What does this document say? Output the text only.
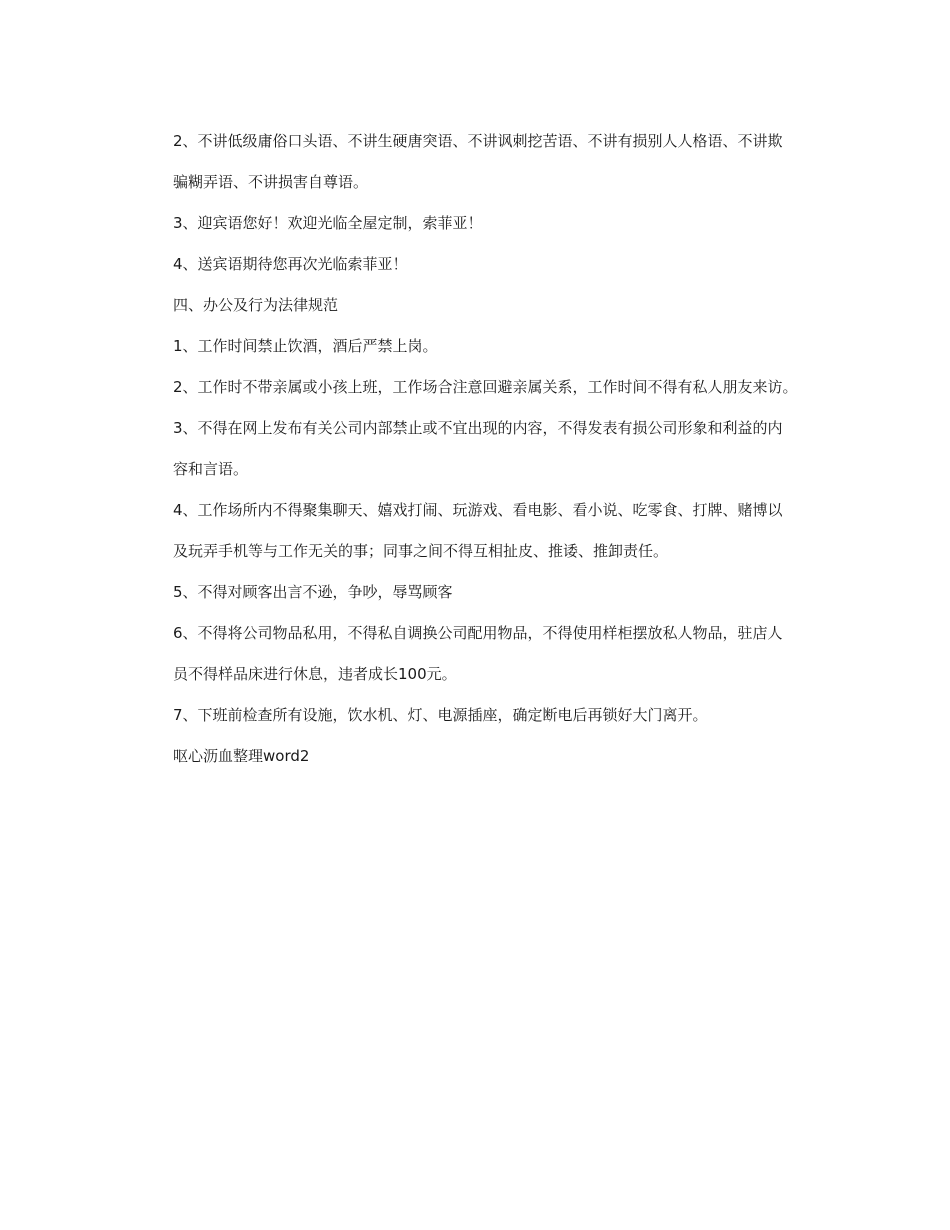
2、不讲低级庸俗口头语、不讲生硬唐突语、不讲讽刺挖苦语、不讲有损别人人格语、不讲欺

骗糊弄语、不讲损害自尊语。

3、迎宾语您好！欢迎光临全屋定制，索菲亚！

4、送宾语期待您再次光临索菲亚！

四、办公及行为法律规范

1、工作时间禁止饮酒，酒后严禁上岗。

2、工作时不带亲属或小孩上班，工作场合注意回避亲属关系，工作时间不得有私人朋友来访。

3、不得在网上发布有关公司内部禁止或不宜出现的内容，不得发表有损公司形象和利益的内

容和言语。

4、工作场所内不得聚集聊天、嬉戏打闹、玩游戏、看电影、看小说、吃零食、打牌、赌博以

及玩弄手机等与工作无关的事；同事之间不得互相扯皮、推诿、推卸责任。

5、不得对顾客出言不逊，争吵，辱骂顾客

6、不得将公司物品私用，不得私自调换公司配用物品，不得使用样柜摆放私人物品，驻店人

员不得样品床进行休息，违者成长100元。

7、下班前检查所有设施，饮水机、灯、电源插座，确定断电后再锁好大门离开。

呕心沥血整理word2
